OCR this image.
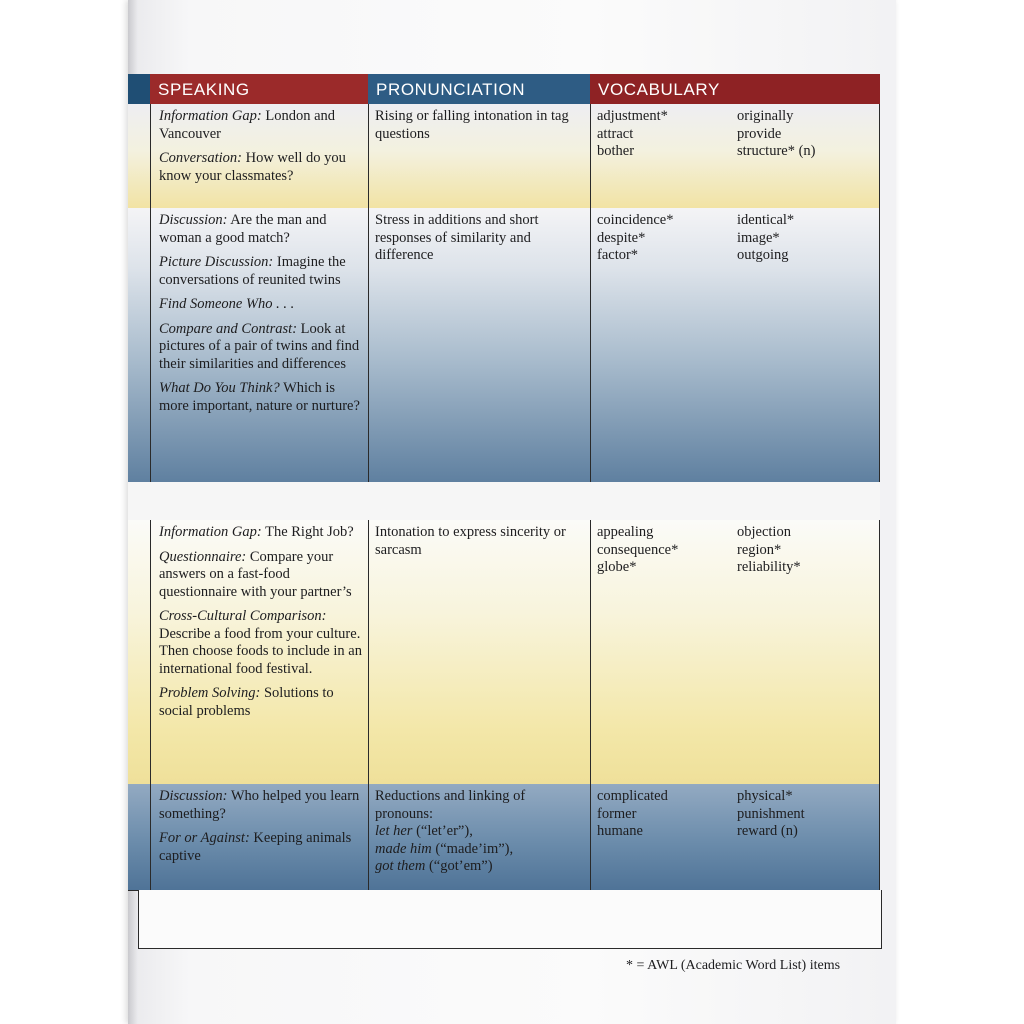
SPEAKING	PRONUNCIATION	VOCABULARY
Information Gap: London and Vancouver
Conversation: How well do you know your classmates?
Rising or falling intonation in tag questions
adjustment*
attract
bother
originally
provide
structure* (n)
Discussion: Are the man and woman a good match?
Picture Discussion: Imagine the conversations of reunited twins
Find Someone Who . . .
Compare and Contrast: Look at pictures of a pair of twins and find their similarities and differences
What Do You Think? Which is more important, nature or nurture?
Stress in additions and short responses of similarity and difference
coincidence*
despite*
factor*
identical*
image*
outgoing
Information Gap: The Right Job?
Questionnaire: Compare your answers on a fast-food questionnaire with your partner’s
Cross-Cultural Comparison: Describe a food from your culture. Then choose foods to include in an international food festival.
Problem Solving: Solutions to social problems
Intonation to express sincerity or sarcasm
appealing
consequence*
globe*
objection
region*
reliability*
Discussion: Who helped you learn something?
For or Against: Keeping animals captive
Reductions and linking of
pronouns:
let her (“let’er”),
made him (“made’im”),
got them (“got’em”)
complicated
former
humane
physical*
punishment
reward (n)
* = AWL (Academic Word List) items
